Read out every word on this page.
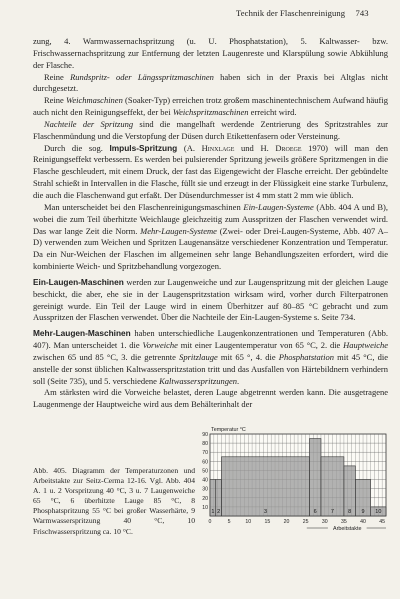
Technik der Flaschenreinigung 743

zung, 4. Warmwassernachspritzung (u. U. Phosphatstation), 5. Kaltwasser- bzw. Frischwassernachspritzung zur Entfernung der letzten Laugenreste und Klarspülung sowie Abkühlung der Flasche.

Reine Rundspritz- oder Längsspritzmaschinen haben sich in der Praxis bei Altglas nicht durchgesetzt.

Reine Weichmaschinen (Soaker-Typ) erreichen trotz großem maschinentechnischem Aufwand häufig auch nicht den Reinigungseffekt, der bei Weichspritzmaschinen erreicht wird.

Nachteile der Spritzung sind die mangelhaft werdende Zentrierung des Spritzstrahles zur Flaschenmündung und die Verstopfung der Düsen durch Etikettenfasern oder Versteinung.

Durch die sog. Impuls-Spritzung (A. Hinxlage und H. Droege 1970) will man den Reinigungseffekt verbessern. Es werden bei pulsierender Spritzung jeweils größere Spritzmengen in die Flasche geschleudert, mit einem Druck, der fast das Eigengewicht der Flasche erreicht. Der gebündelte Strahl schießt in Intervallen in die Flasche, füllt sie und erzeugt in der Flüssigkeit eine starke Turbulenz, die auch die Flaschenwand gut erfaßt. Der Düsendurchmesser ist 4 mm statt 2 mm wie üblich.

Man unterscheidet bei den Flaschenreinigungsmaschinen Ein-Laugen-Systeme (Abb. 404 A und B), wobei die zum Teil überhitzte Weichlauge gleichzeitig zum Ausspritzen der Flaschen verwendet wird. Das war lange Zeit die Norm. Mehr-Laugen-Systeme (Zwei- oder Drei-Laugen-Systeme, Abb. 407 A–D) verwenden zum Weichen und Spritzen Laugenansätze verschiedener Konzentration und Temperatur. Da ein Nur-Weichen der Flaschen im allgemeinen sehr lange Behandlungszeiten erfordert, wird die kombinierte Weich- und Spritzbehandlung vorgezogen.

Ein-Laugen-Maschinen werden zur Laugenweiche und zur Laugenspritzung mit der gleichen Lauge beschickt, die aber, ehe sie in der Laugenspritzstation wirksam wird, vorher durch Filterpatronen gereinigt wurde. Ein Teil der Lauge wird in einem Überhitzer auf 80–85 °C gebracht und zum Ausspritzen der Flaschen verwendet. Über die Nachteile der Ein-Laugen-Systeme s. Seite 734.

Mehr-Laugen-Maschinen haben unterschiedliche Laugenkonzentrationen und Temperaturen (Abb. 407). Man unterscheidet 1. die Vorweiche mit einer Laugentemperatur von 65 °C, 2. die Hauptweiche zwischen 65 und 85 °C, 3. die getrennte Spritzlauge mit 65 °, 4. die Phosphatstation mit 45 °C, die anstelle der sonst üblichen Kaltwasserspritzstation tritt und das Ausfallen von Härtebildnern verhindern soll (Seite 735), und 5. verschiedene Kaltwasserspritzungen.

Am stärksten wird die Vorweiche belastet, deren Lauge abgetrennt werden kann. Die ausgetragene Laugenmenge der Hauptweiche wird aus dem Behälterinhalt der

Abb. 405. Diagramm der Temperaturzonen und Arbeitstakte zur Seitz-Cerma 12-16. Vgl. Abb. 404 A. 1 u. 2 Vorspritzung 40 °C, 3 u. 7 Laugenweiche 65 °C, 6 überhitzte Lauge 85 °C, 8 Phosphatspritzung 55 °C bei großer Wasserhärte, 9 Warmwasserspritzung 40 °C, 10 Frischwasserspritzung ca. 10 °C.
1 2	3	6	7	8 9 10
10
20
30
40
50
60
70
80
90
0	5	10	15	20	25	30	35	40	45
Temperatur °C
Arbeitstakte
